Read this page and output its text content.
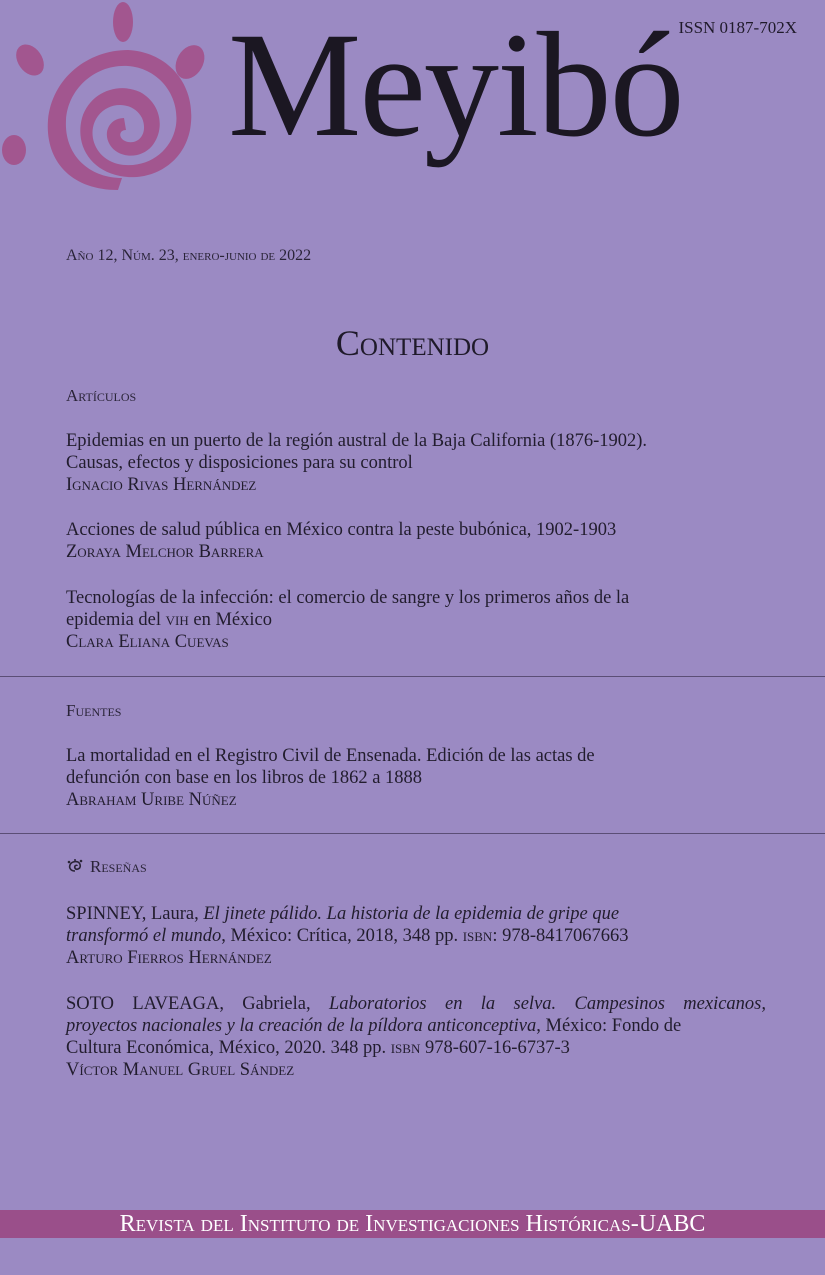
ISSN 0187-702X
Meyibó
Año 12, Núm. 23, enero-junio de 2022
Contenido
Artículos
Epidemias en un puerto de la región austral de la Baja California (1876-1902).
Causas, efectos y disposiciones para su control
Ignacio Rivas Hernández
Acciones de salud pública en México contra la peste bubónica, 1902-1903
Zoraya Melchor Barrera
Tecnologías de la infección: el comercio de sangre y los primeros años de la
epidemia del vih en México
Clara Eliana Cuevas
Fuentes
La mortalidad en el Registro Civil de Ensenada. Edición de las actas de
defunción con base en los libros de 1862 a 1888
Abraham Uribe Núñez
Reseñas
SPINNEY, Laura, El jinete pálido. La historia de la epidemia de gripe que
transformó el mundo, México: Crítica, 2018, 348 pp. isbn: 978-8417067663
Arturo Fierros Hernández
SOTO LAVEAGA, Gabriela, Laboratorios en la selva. Campesinos mexicanos,
proyectos nacionales y la creación de la píldora anticonceptiva, México: Fondo de
Cultura Económica, México, 2020. 348 pp. isbn 978-607-16-6737-3
Víctor Manuel Gruel Sández
Revista del Instituto de Investigaciones Históricas-UABC
